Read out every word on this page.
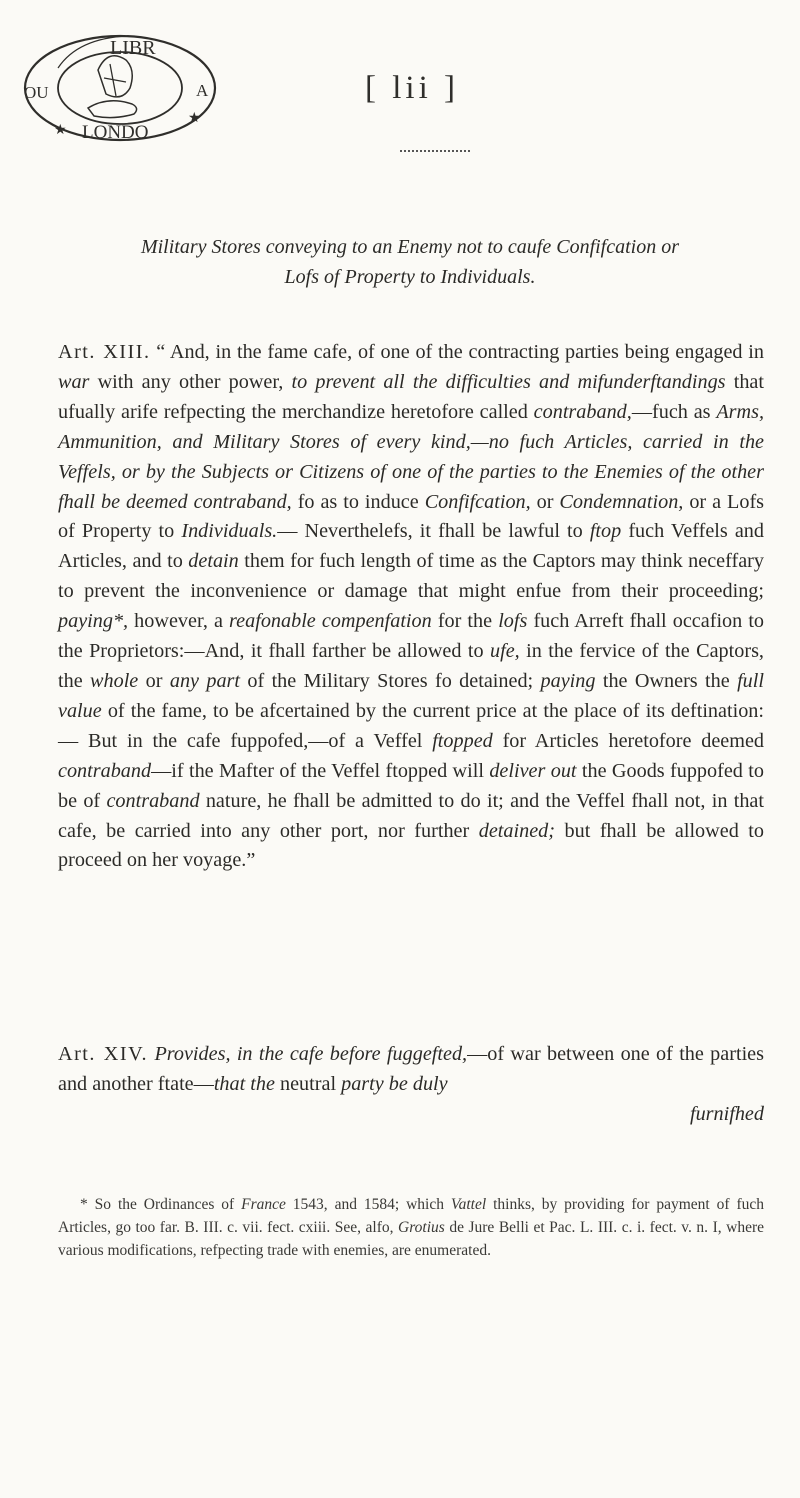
LIBR
OU	A
LONDO
★
★
[ lii ]
Military Stores conveying to an Enemy not to caufe Confifcation or
Lofs of Property to Individuals.

Art. XIII. “ And, in the fame cafe, of one of the contracting parties being engaged in war with any other power, to prevent all the difficulties and mifunderftandings that ufually arife refpecting the merchandize heretofore called contraband,—fuch as Arms, Ammunition, and Military Stores of every kind,—no fuch Articles, carried in the Veffels, or by the Subjects or Citizens of one of the parties to the Enemies of the other fhall be deemed contraband, fo as to induce Confifcation, or Condemnation, or a Lofs of Property to Individuals.— Neverthelefs, it fhall be lawful to ftop fuch Veffels and Articles, and to detain them for fuch length of time as the Captors may think neceffary to prevent the inconvenience or damage that might enfue from their proceeding; paying*, however, a reafonable compenfation for the lofs fuch Arreft fhall occafion to the Proprietors:—And, it fhall farther be allowed to ufe, in the fervice of the Captors, the whole or any part of the Military Stores fo detained; paying the Owners the full value of the fame, to be afcertained by the current price at the place of its deftination:— But in the cafe fuppofed,—of a Veffel ftopped for Articles heretofore deemed contraband—if the Mafter of the Veffel ftopped will deliver out the Goods fuppofed to be of contraband nature, he fhall be admitted to do it; and the Veffel fhall not, in that cafe, be carried into any other port, nor further detained; but fhall be allowed to proceed on her voyage.”

Art. XIV. Provides, in the cafe before fuggefted,—of war between one of the parties and another ftate—that the neutral party be duly
furnifhed

* So the Ordinances of France 1543, and 1584; which Vattel thinks, by providing for payment of fuch Articles, go too far. B. III. c. vii. fect. cxiii. See, alfo, Grotius de Jure Belli et Pac. L. III. c. i. fect. v. n. I, where various modifications, refpecting trade with enemies, are enumerated.
